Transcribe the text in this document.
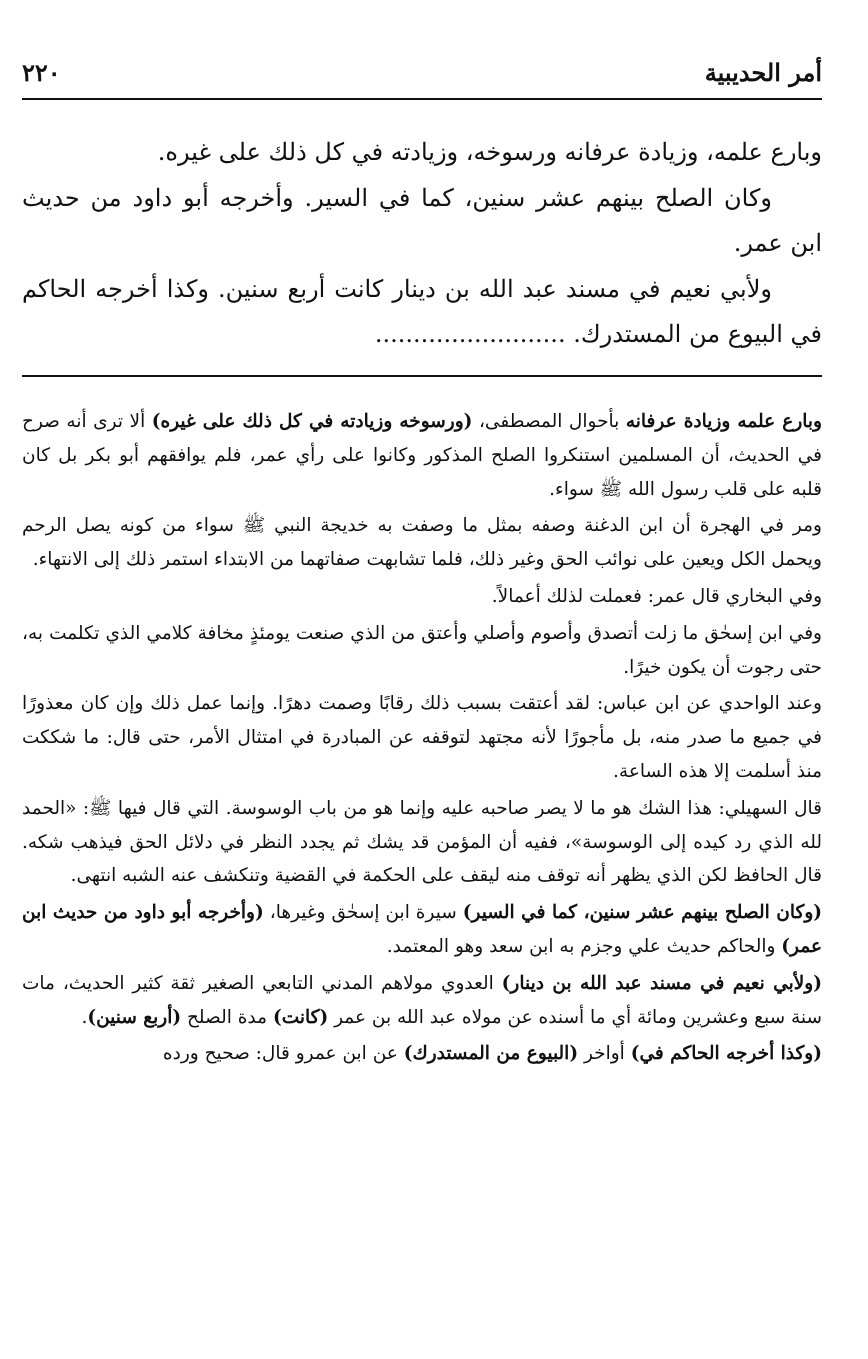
٢٢٠	أمر الحديبية

وبارع علمه، وزيادة عرفانه ورسوخه، وزيادته في كل ذلك على غيره.

وكان الصلح بينهم عشر سنين، كما في السير. وأخرجه أبو داود من حديث ابن عمر.

ولأبي نعيم في مسند عبد الله بن دينار كانت أربع سنين. وكذا أخرجه الحاكم في البيوع من المستدرك. .........................

وبارع علمه وزيادة عرفانه بأحوال المصطفى، (ورسوخه وزيادته في كل ذلك على غيره) ألا ترى أنه صرح في الحديث، أن المسلمين استنكروا الصلح المذكور وكانوا على رأي عمر، فلم يوافقهم أبو بكر بل كان قلبه على قلب رسول الله ﷺ سواء.

ومر في الهجرة أن ابن الدغنة وصفه بمثل ما وصفت به خديجة النبي ﷺ سواء من كونه يصل الرحم ويحمل الكل ويعين على نوائب الحق وغير ذلك، فلما تشابهت صفاتهما من الابتداء استمر ذلك إلى الانتهاء.

وفي البخاري قال عمر: فعملت لذلك أعمالاً.

وفي ابن إسحٰق ما زلت أتصدق وأصوم وأصلي وأعتق من الذي صنعت يومئذٍ مخافة كلامي الذي تكلمت به، حتى رجوت أن يكون خيرًا.

وعند الواحدي عن ابن عباس: لقد أعتقت بسبب ذلك رقابًا وصمت دهرًا. وإنما عمل ذلك وإن كان معذورًا في جميع ما صدر منه، بل مأجورًا لأنه مجتهد لتوقفه عن المبادرة في امتثال الأمر، حتى قال: ما شككت منذ أسلمت إلا هذه الساعة.

قال السهيلي: هذا الشك هو ما لا يصر صاحبه عليه وإنما هو من باب الوسوسة. التي قال فيها ﷺ: «الحمد لله الذي رد كيده إلى الوسوسة»، ففيه أن المؤمن قد يشك ثم يجدد النظر في دلائل الحق فيذهب شكه. قال الحافظ لكن الذي يظهر أنه توقف منه ليقف على الحكمة في القضية وتنكشف عنه الشبه انتهى.

(وكان الصلح بينهم عشر سنين، كما في السير) سيرة ابن إسحٰق وغيرها، (وأخرجه أبو داود من حديث ابن عمر) والحاكم حديث علي وجزم به ابن سعد وهو المعتمد.

(ولأبي نعيم في مسند عبد الله بن دينار) العدوي مولاهم المدني التابعي الصغير ثقة كثير الحديث، مات سنة سبع وعشرين ومائة أي ما أسنده عن مولاه عبد الله بن عمر (كانت) مدة الصلح (أربع سنين).

(وكذا أخرجه الحاكم في) أواخر (البيوع من المستدرك) عن ابن عمرو قال: صحيح ورده
